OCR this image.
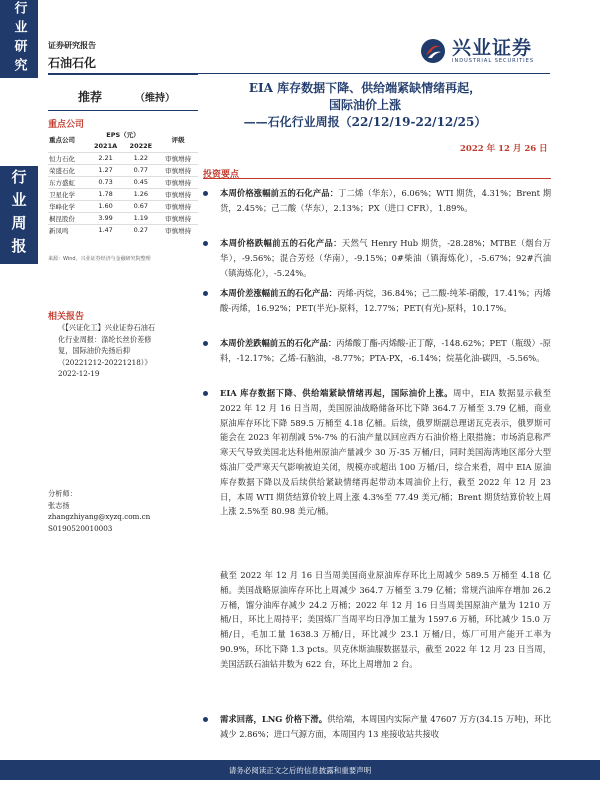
行业研究
行业周报
证券研究报告
石油石化
兴业证券
INDUSTRIAL SECURITIES
推荐	（维持）
重点公司
重点公司	EPS（元）		评级
	2021A	2022E	
恒力石化	2.21	1.22	审慎增持
荣盛石化	1.27	0.77	审慎增持
东方盛虹	0.73	0.45	审慎增持
卫星化学	1.78	1.26	审慎增持
华峰化学	1.60	0.67	审慎增持
桐昆股份	3.99	1.19	审慎增持
新凤鸣	1.47	0.27	审慎增持
来源：Wind，兴业证券经济与金融研究院整理
相关报告
《【兴证化工】兴业证券石油石
化行业周报：涤纶长丝价差修
复，国际油价先扬后抑
（20221212-20221218）》
2022-12-19
分析师：
张志扬
zhangzhiyang@xyzq.com.cn
S0190520010003
EIA 库存数据下降、供给端紧缺情绪再起，
国际油价上涨
——石化行业周报（22/12/19-22/12/25）
2022 年 12 月 26 日
投资要点
本周价格涨幅前五的石化产品：丁二烯（华东），6.06%；WTI 期货，4.31%；Brent 期货，2.45%；己二酸（华东），2.13%；PX（进口 CFR），1.89%。
本周价格跌幅前五的石化产品：天然气 Henry Hub 期货，-28.28%；MTBE（烟台万华），-9.56%；混合芳烃（华南），-9.15%；0#柴油（镇海炼化），-5.67%；92#汽油（镇海炼化），-5.24%。
本周价差涨幅前五的石化产品：丙烯-丙烷，36.84%；己二酸-纯苯-硝酸，17.41%；丙烯酸-丙烯，16.92%；PET(半光)-原料，12.77%；PET(有光)-原料，10.17%。
本周价差跌幅前五的石化产品：丙烯酸丁酯-丙烯酸-正丁醇，-148.62%；PET（瓶级）-原料，-12.17%；乙烯-石脑油，-8.77%；PTA-PX，-6.14%；烷基化油-碳四，-5.56%。
EIA 库存数据下降、供给端紧缺情绪再起，国际油价上涨。周中，EIA 数据显示截至 2022 年 12 月 16 日当周，美国原油战略储备环比下降 364.7 万桶至 3.79 亿桶，商业原油库存环比下降 589.5 万桶至 4.18 亿桶。后续，俄罗斯副总理诺瓦克表示，俄罗斯可能会在 2023 年初削减 5%-7% 的石油产量以回应西方石油价格上限措施；市场消息称严寒天气导致美国北达科他州原油产量减少 30 万-35 万桶/日，同时美国海湾地区部分大型炼油厂受严寒天气影响被迫关闭，规模亦或超出 100 万桶/日，综合来看，周中 EIA 原油库存数据下降以及后续供给紧缺情绪再起带动本周油价上行，截至 2022 年 12 月 23 日，本周 WTI 期货结算价较上周上涨 4.3%至 77.49 美元/桶；Brent 期货结算价较上周上涨 2.5%至 80.98 美元/桶。
截至 2022 年 12 月 16 日当周美国商业原油库存环比上周减少 589.5 万桶至 4.18 亿桶。美国战略原油库存环比上周减少 364.7 万桶至 3.79 亿桶；常规汽油库存增加 26.2 万桶，馏分油库存减少 24.2 万桶；2022 年 12 月 16 日当周美国原油产量为 1210 万桶/日，环比上周持平；美国炼厂当周平均日净加工量为 1597.6 万桶，环比减少 15.0 万桶/日，毛加工量 1638.3 万桶/日，环比减少 23.1 万桶/日，炼厂可用产能开工率为 90.9%，环比下降 1.3 pcts。贝克休斯油服数据显示，截至 2022 年 12 月 23 日当周，美国活跃石油钻井数为 622 台，环比上周增加 2 台。
需求回落，LNG 价格下滑。供给端，本周国内实际产量 47607 万方(34.15 万吨)，环比减少 2.86%；进口气源方面，本周国内 13 座接收站共接收
请务必阅读正文之后的信息披露和重要声明
